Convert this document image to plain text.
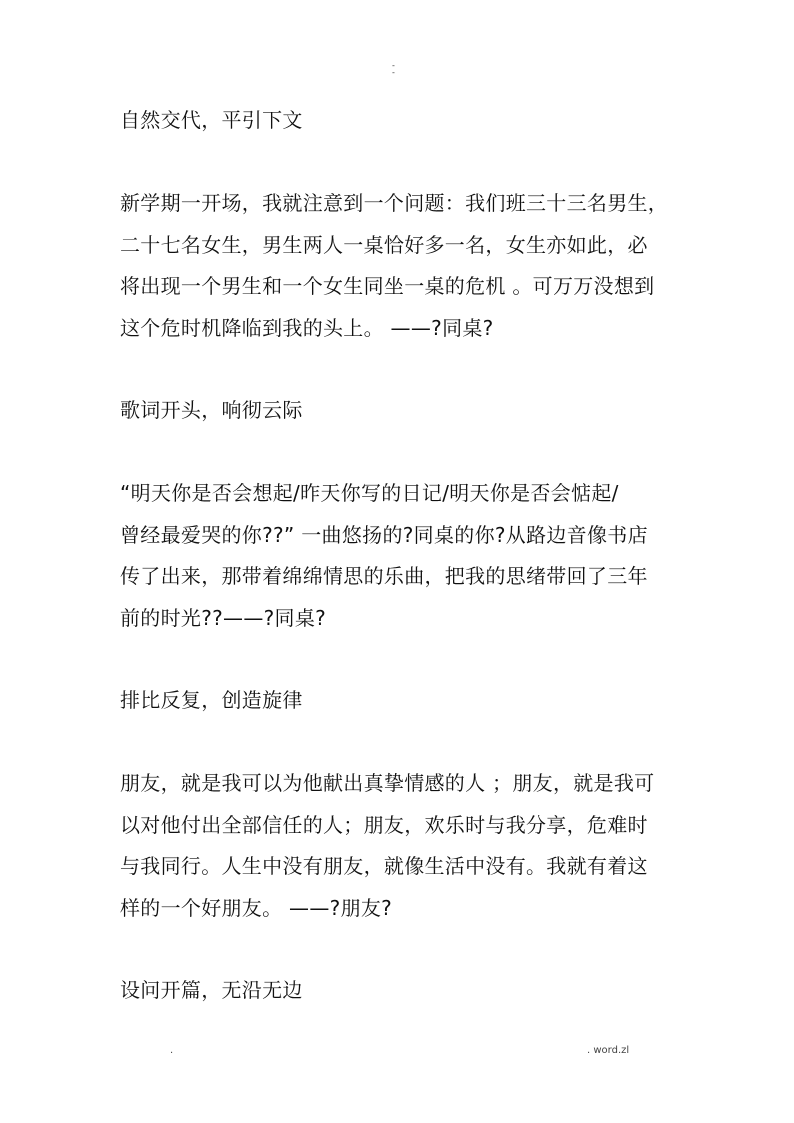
-
-
自然交代，平引下文
新学期一开场，我就注意到一个问题：我们班三十三名男生，
二十七名女生，男生两人一桌恰好多一名，女生亦如此，必
将出现一个男生和一个女生同坐一桌的危机 。可万万没想到
这个危时机降临到我的头上。 ——?同桌?
歌词开头，响彻云际
“明天你是否会想起/昨天你写的日记/明天你是否会惦起/
曾经最爱哭的你??” 一曲悠扬的?同桌的你?从路边音像书店
传了出来，那带着绵绵情思的乐曲，把我的思绪带回了三年
前的时光??——?同桌?
排比反复，创造旋律
朋友，就是我可以为他献出真挚情感的人 ；朋友，就是我可
以对他付出全部信任的人；朋友，欢乐时与我分享，危难时
与我同行。人生中没有朋友，就像生活中没有。我就有着这
样的一个好朋友。 ——?朋友?
设问开篇，无沿无边
.	. word.zl
